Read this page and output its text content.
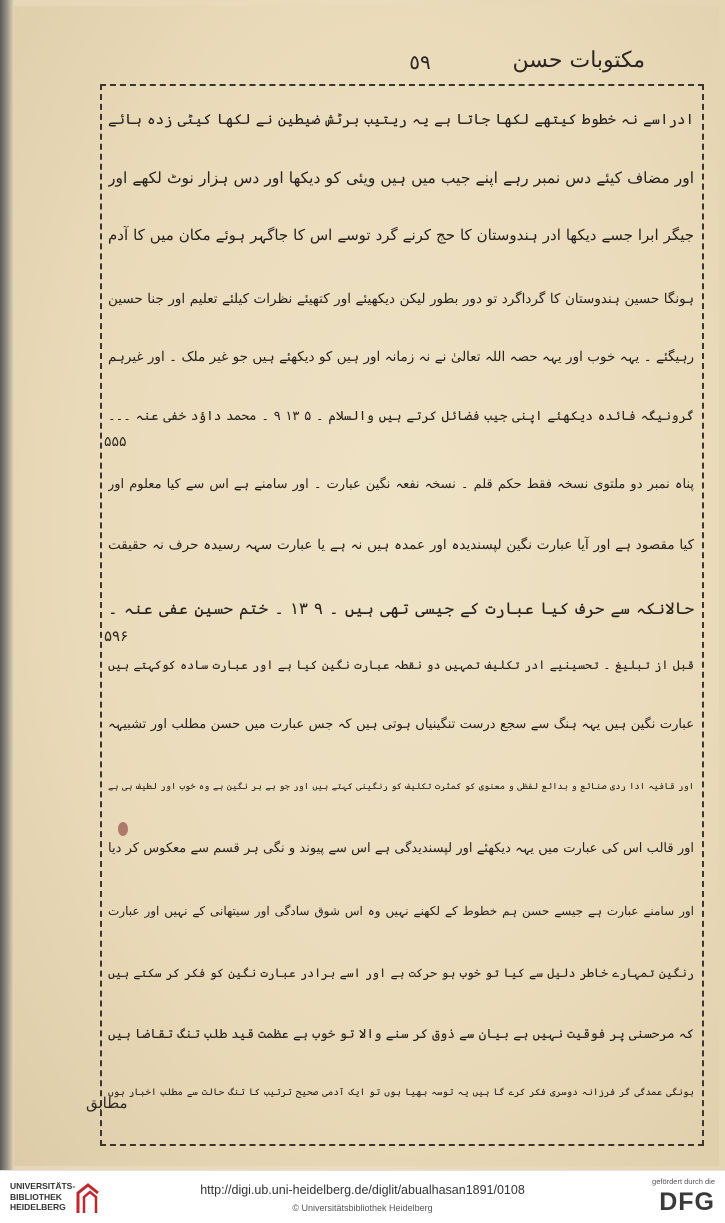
٥٩	مکتوبات حسن
ادراسے نہ خطوط کیتھے لکھا جاتا ہے یہ ریتیب برٹش ضیطین نے لکھا کیٹی زدہ ہائے
اور مضاف کیئے دس نمبر رہے اپنے جیب میں ہیں ویئی کو دیکھا اور دس ہزار نوٹ لکھے اور
جیگر ابرا جسے دیکھا ادر ہندوستان کا حج کرنے گرد توسے اس کا جاگہر ہوئے مکان میں کا آدم
ہونگا حسین ہندوستان کا گرداگرد تو دور بطور لیکن دیکھیئے اور کتھیئے نظرات کیلئے تعلیم اور جنا حسین
رہیگئے ۔ یہہ خوب اور یہہ حصہ اللہ تعالیٰ نے نہ زمانہ اور ہیں کو دیکھئے ہیں جو غیر ملک ۔ اور غیرہم
گرونیگہ فائدہ دیکھئے اپنی جیب فضائل کرتے ہیں والسلام ۔ ۵ ۱۳ ۹ ۔ محمد داؤد خفی عنہ ۔۔۔
پناہ نمبر دو ملتوی نسخہ فقط حکم قلم ۔ نسخہ نفعہ نگین عبارت ۔ اور سامنے ہے اس سے کیا معلوم اور
کیا مقصود ہے اور آیا عبارت نگین لپسندیدہ اور عمدہ ہیں نہ ہے یا عبارت سہہ رسیدہ حرف نہ حقیقت
حالانکہ سے حرف کیا عبارت کے جیسی تھی ہیں ۔ ۹ ۱۳ ۔ ختم حسین عفی عنہ ۔
قبل از تبلیغ ۔ تحسینیے ادر تکلیف تمہیں دو نقطہ عبارت نگین کیا ہے اور عبارت سادہ کوکہتے ہیں
عبارت نگین ہیں یہہ ہنگ سے سجع درست تنگینیاں ہوتی ہیں کہ جس عبارت میں حسن مطلب اور تشبیہہ
اور قافیہ ادا ردی صنائع و بدائع لفظی و معنوی کو کمثرت تکلیف کو رنگینی کہتے ہیں اور جو ہے ہر نگین ہے وہ خوب اور لطیف ہی ہے
اور قالب اس کی عبارت میں یہہ دیکھئے اور لپسندیدگی ہے اس سے پیوند و نگی ہر قسم سے معکوس کر دیا
اور سامنے عبارت ہے جیسے حسن ہم خطوط کے لکھنے نہیں وہ اس شوق سادگی اور سیتھانی کے نہیں اور عبارت
رنگین تمہارے خاطر دلیل سے کیا تو خوب ہو حرکت ہے اور اسے برادر عبارت نگین کو فکر کر سکتے ہیں
کہ مرحسنی پر فوقیت نہیں ہے بیان سے ذوق کر سنے والا تو خوب ہے عظمت قید طلب تنگ تقاضا ہیں
ہونگی عمدگی گر فرزانہ دوسری فکر کرے گا ہیں یہ توسہ بھیا ہوں تو ایک آدمی صحیح ترتیب کا تنگ حالت سے مطلب اخبار ہوں
۵۵۵
۵۹۶
مطابق
UNIVERSITÄTS-
BIBLIOTHEK
HEIDELBERG
http://digi.ub.uni-heidelberg.de/diglit/abualhasan1891/0108
© Universitätsbibliothek Heidelberg
gefördert durch die
DFG
